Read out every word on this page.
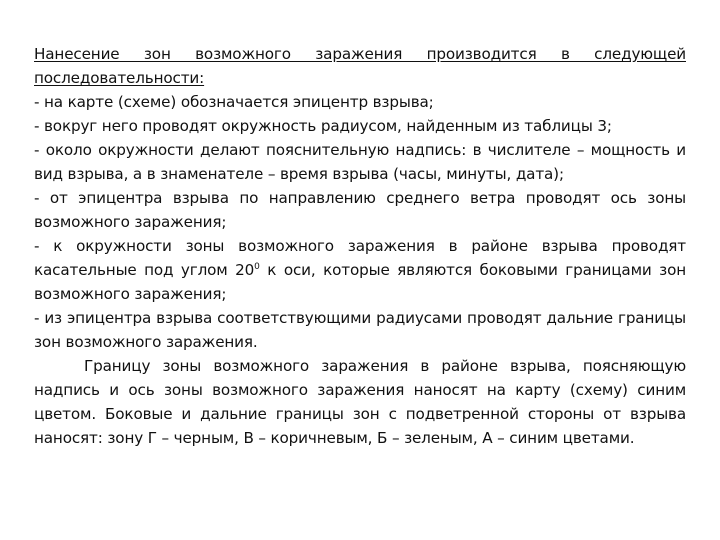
Нанесение зон возможного заражения производится в следующей последовательности:
- на карте (схеме) обозначается эпицентр взрыва;
- вокруг него проводят окружность радиусом, найденным из таблицы 3;
- около окружности делают пояснительную надпись: в числителе – мощность и вид взрыва, а в знаменателе – время взрыва (часы, минуты, дата);
- от эпицентра взрыва по направлению среднего ветра проводят ось зоны возможного заражения;
- к окружности зоны возможного заражения в районе взрыва проводят касательные под углом $20^0$ к оси, которые являются боковыми границами зон возможного заражения;
- из эпицентра взрыва соответствующими радиусами проводят дальние границы зон возможного заражения.
Границу зоны возможного заражения в районе взрыва, поясняющую надпись и ось зоны возможного заражения наносят на карту (схему) синим цветом. Боковые и дальние границы зон с подветренной стороны от взрыва наносят: зону Г – черным, В – коричневым, Б – зеленым, А – синим цветами.
